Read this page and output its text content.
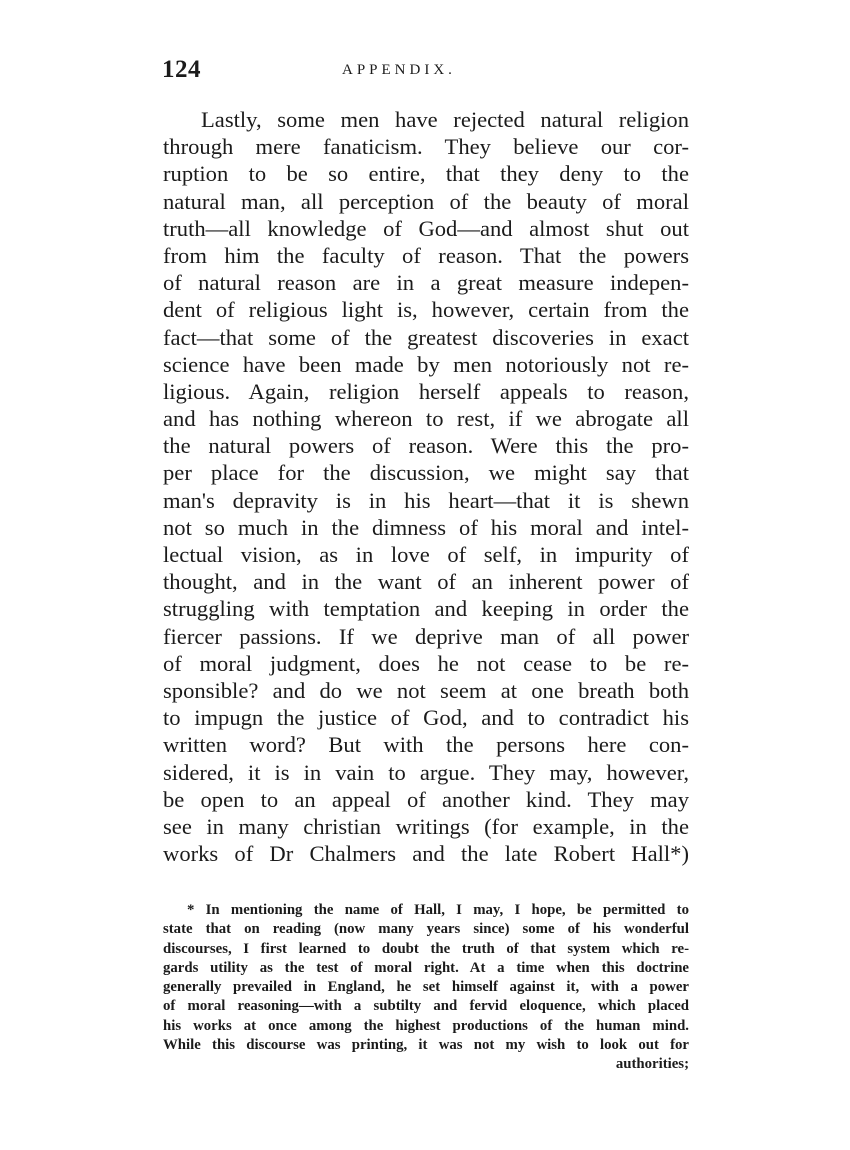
124	APPENDIX.
Lastly, some men have rejected natural religion
through mere fanaticism. They believe our cor-
ruption to be so entire, that they deny to the
natural man, all perception of the beauty of moral
truth—all knowledge of God—and almost shut out
from him the faculty of reason. That the powers
of natural reason are in a great measure indepen-
dent of religious light is, however, certain from the
fact—that some of the greatest discoveries in exact
science have been made by men notoriously not re-
ligious. Again, religion herself appeals to reason,
and has nothing whereon to rest, if we abrogate all
the natural powers of reason. Were this the pro-
per place for the discussion, we might say that
man's depravity is in his heart—that it is shewn
not so much in the dimness of his moral and intel-
lectual vision, as in love of self, in impurity of
thought, and in the want of an inherent power of
struggling with temptation and keeping in order the
fiercer passions. If we deprive man of all power
of moral judgment, does he not cease to be re-
sponsible? and do we not seem at one breath both
to impugn the justice of God, and to contradict his
written word? But with the persons here con-
sidered, it is in vain to argue. They may, however,
be open to an appeal of another kind. They may
see in many christian writings (for example, in the
works of Dr Chalmers and the late Robert Hall*)
* In mentioning the name of Hall, I may, I hope, be permitted to
state that on reading (now many years since) some of his wonderful
discourses, I first learned to doubt the truth of that system which re-
gards utility as the test of moral right. At a time when this doctrine
generally prevailed in England, he set himself against it, with a power
of moral reasoning—with a subtilty and fervid eloquence, which placed
his works at once among the highest productions of the human mind.
While this discourse was printing, it was not my wish to look out for
authorities;
